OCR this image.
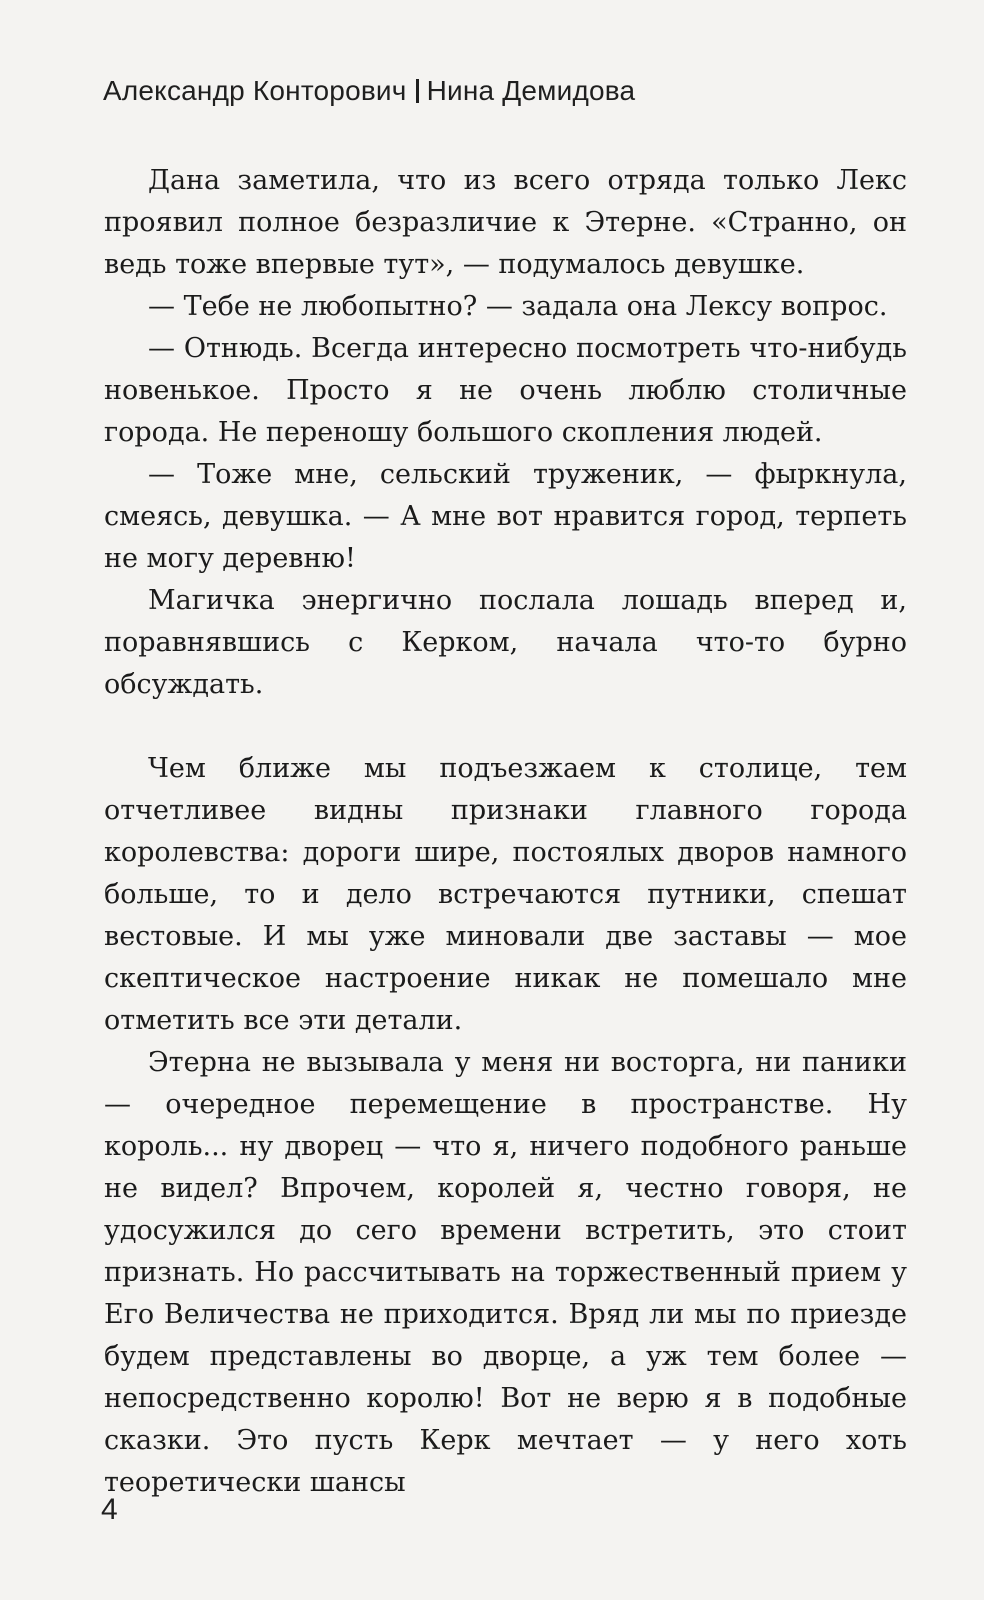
Александр Конторович Нина Демидова

Дана заметила, что из всего отряда только Лекс проявил полное безразличие к Этерне. «Странно, он ведь тоже впервые тут», — подумалось девушке.

— Тебе не любопытно? — задала она Лексу вопрос.

— Отнюдь. Всегда интересно посмотреть что-нибудь новенькое. Просто я не очень люблю столичные города. Не переношу большого скопления людей.

— Тоже мне, сельский труженик, — фыркнула, смеясь, девушка. — А мне вот нравится город, терпеть не могу деревню!

Магичка энергично послала лошадь вперед и, поравнявшись с Керком, начала что-то бурно обсуждать.

Чем ближе мы подъезжаем к столице, тем отчетливее видны признаки главного города королевства: дороги шире, постоялых дворов намного больше, то и дело встречаются путники, спешат вестовые. И мы уже миновали две заставы — мое скептическое настроение никак не помешало мне отметить все эти детали.

Этерна не вызывала у меня ни восторга, ни паники — очередное перемещение в пространстве. Ну король... ну дворец — что я, ничего подобного раньше не видел? Впрочем, королей я, честно говоря, не удосужился до сего времени встретить, это стоит признать. Но рассчитывать на торжественный прием у Его Величества не приходится. Вряд ли мы по приезде будем представлены во дворце, а уж тем более — непосредственно королю! Вот не верю я в подобные сказки. Это пусть Керк мечтает — у него хоть теоретически шансы

4
